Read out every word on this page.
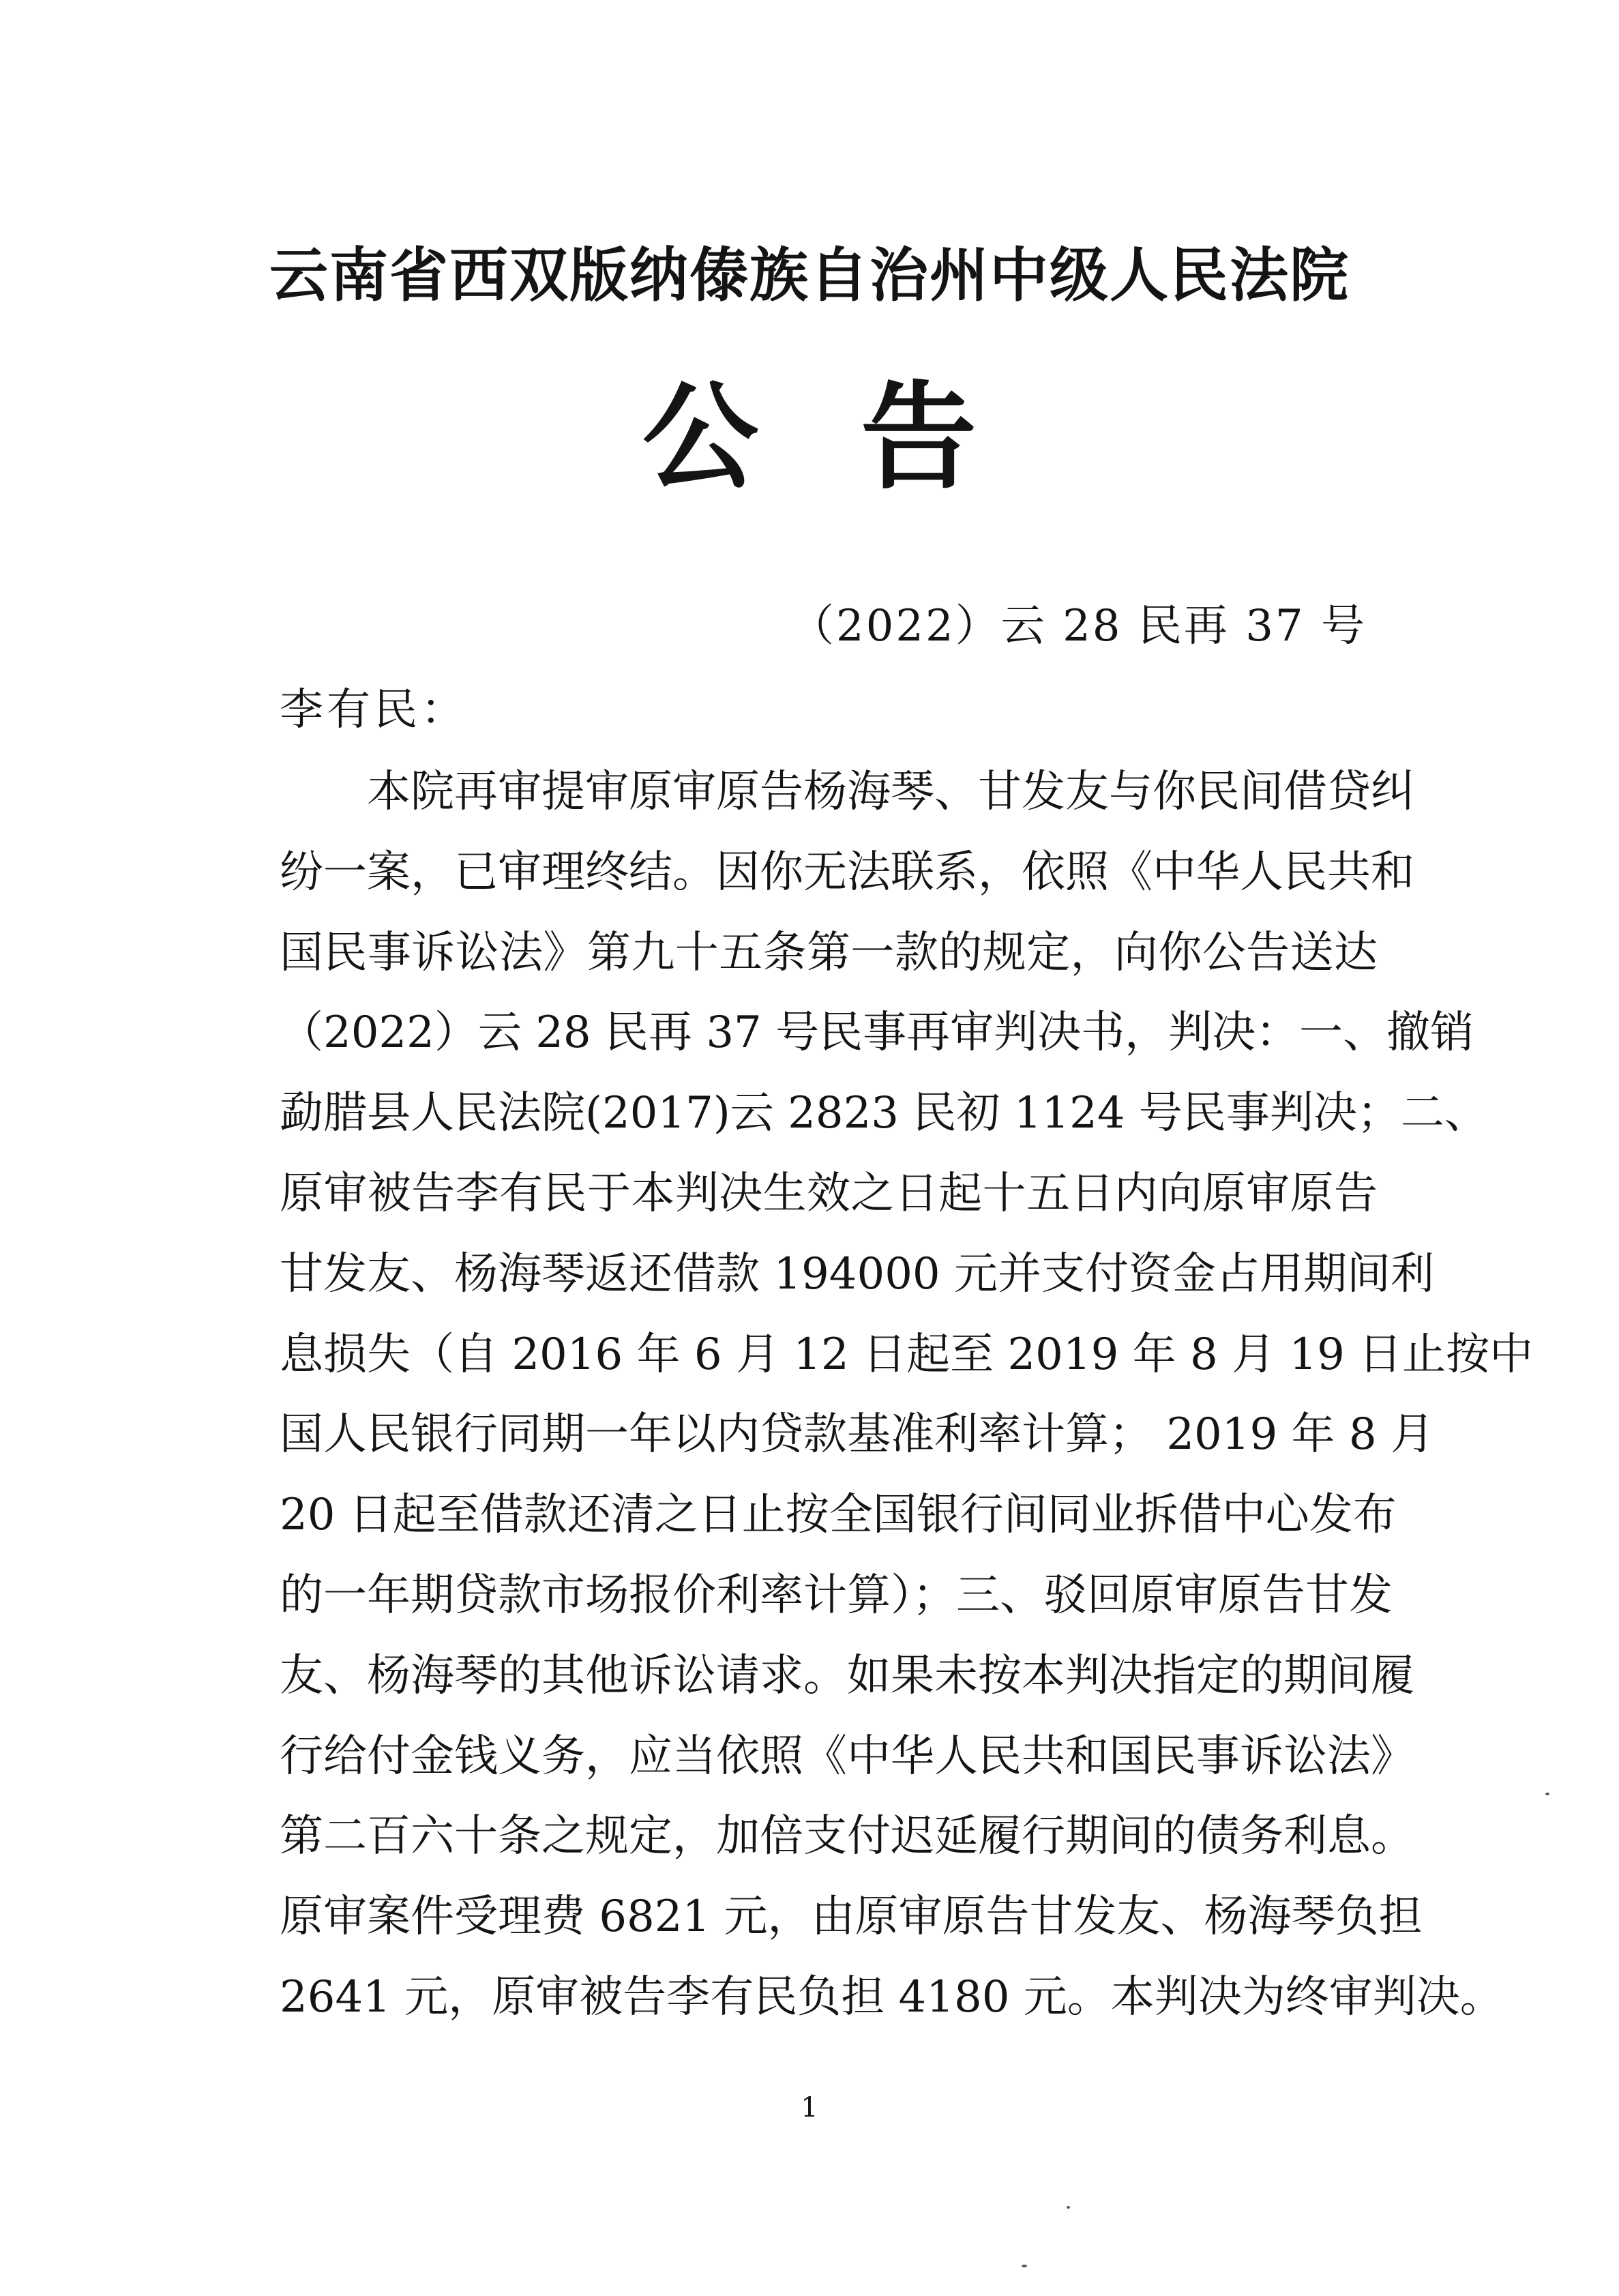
云南省西双版纳傣族自治州中级人民法院
公告
（2022）云 28 民再 37 号
李有民：
本院再审提审原审原告杨海琴、甘发友与你民间借贷纠
纷一案，已审理终结。因你无法联系，依照《中华人民共和
国民事诉讼法》第九十五条第一款的规定，向你公告送达
（2022）云 28 民再 37 号民事再审判决书，判决：一、撤销
勐腊县人民法院(2017)云 2823 民初 1124 号民事判决；二、
原审被告李有民于本判决生效之日起十五日内向原审原告
甘发友、杨海琴返还借款 194000 元并支付资金占用期间利
息损失（自 2016 年 6 月 12 日起至 2019 年 8 月 19 日止按中
国人民银行同期一年以内贷款基准利率计算； 2019 年 8 月
20 日起至借款还清之日止按全国银行间同业拆借中心发布
的一年期贷款市场报价利率计算）；三、驳回原审原告甘发
友、杨海琴的其他诉讼请求。如果未按本判决指定的期间履
行给付金钱义务，应当依照《中华人民共和国民事诉讼法》
第二百六十条之规定，加倍支付迟延履行期间的债务利息。
原审案件受理费 6821 元，由原审原告甘发友、杨海琴负担
2641 元，原审被告李有民负担 4180 元。本判决为终审判决。
1
